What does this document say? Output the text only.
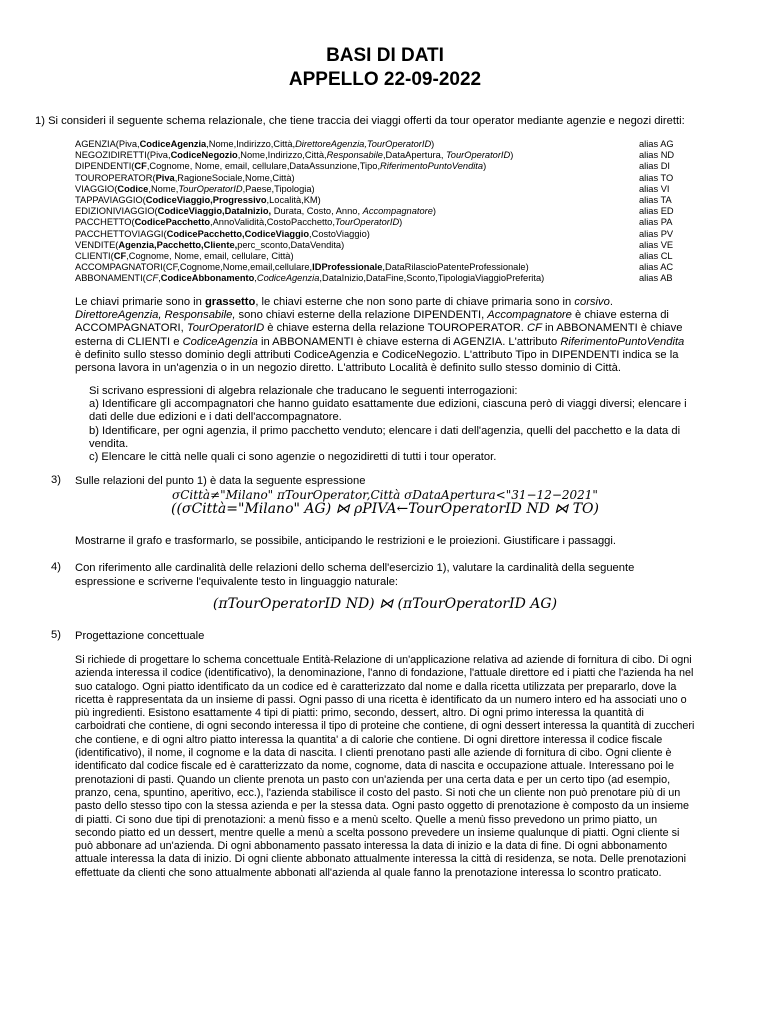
BASI DI DATI
APPELLO 22-09-2022
1) Si consideri il seguente schema relazionale, che tiene traccia dei viaggi offerti da tour operator mediante agenzie e negozi diretti:
AGENZIA(Piva,CodiceAgenzia,Nome,Indirizzo,Città,DirettoreAgenzia,TourOperatorID)	alias AG
NEGOZIDIRETTI(Piva,CodiceNegozio,Nome,Indirizzo,Città,Responsabile,DataApertura, TourOperatorID)	alias ND
DIPENDENTI(CF,Cognome, Nome, email, cellulare,DataAssunzione,Tipo,RiferimentoPuntoVendita)	alias DI
TOUROPERATOR(Piva,RagioneSociale,Nome,Città)	alias TO
VIAGGIO(Codice,Nome,TourOperatorID,Paese,Tipologia)	alias VI
TAPPAVIAGGIO(CodiceViaggio,Progressivo,Località,KM)	alias TA
EDIZIONIVIAGGIO(CodiceViaggio,DataInizio, Durata, Costo, Anno, Accompagnatore)	alias ED
PACCHETTO(CodicePacchetto,AnnoValidità,CostoPacchetto,TourOperatorID)	alias PA
PACCHETTOVIAGGI(CodicePacchetto,CodiceViaggio,CostoViaggio)	alias PV
VENDITE(Agenzia,Pacchetto,Cliente,perc_sconto,DataVendita)	alias VE
CLIENTI(CF,Cognome, Nome, email, cellulare, Città)	alias CL
ACCOMPAGNATORI(CF,Cognome,Nome,email,cellulare,IDProfessionale,DataRilascioPatenteProfessionale)	alias AC
ABBONAMENTI(CF,CodiceAbbonamento,CodiceAgenzia,DataInizio,DataFine,Sconto,TipologiaViaggioPreferita)	alias AB
Le chiavi primarie sono in grassetto, le chiavi esterne che non sono parte di chiave primaria sono in corsivo. DirettoreAgenzia, Responsabile, sono chiavi esterne della relazione DIPENDENTI, Accompagnatore è chiave esterna di ACCOMPAGNATORI, TourOperatorID è chiave esterna della relazione TOUROPERATOR. CF in ABBONAMENTI è chiave esterna di CLIENTI e CodiceAgenzia in ABBONAMENTI è chiave esterna di AGENZIA. L'attributo RiferimentoPuntoVendita è definito sullo stesso dominio degli attributi CodiceAgenzia e CodiceNegozio. L'attributo Tipo in DIPENDENTI indica se la persona lavora in un'agenzia o in un negozio diretto. L'attributo Località è definito sullo stesso dominio di Città.
Si scrivano espressioni di algebra relazionale che traducano le seguenti interrogazioni:
a) Identificare gli accompagnatori che hanno guidato esattamente due edizioni, ciascuna però di viaggi diversi; elencare i dati delle due edizioni e i dati dell'accompagnatore.
b) Identificare, per ogni agenzia, il primo pacchetto venduto; elencare i dati dell'agenzia, quelli del pacchetto e la data di vendita.
c) Elencare le città nelle quali ci sono agenzie o negozidiretti di tutti i tour operator.
3) Sulle relazioni del punto 1) è data la seguente espressione
σCittà≠"Milano" πTourOperator,Città σDataApertura<"31−12−2021"
((σCittà="Milano" AG) ⋈ ρPIVA←TourOperatorID ND ⋈ TO)
Mostrarne il grafo e trasformarlo, se possibile, anticipando le restrizioni e le proiezioni. Giustificare i passaggi.
4) Con riferimento alle cardinalità delle relazioni dello schema dell'esercizio 1), valutare la cardinalità della seguente espressione e scriverne l'equivalente testo in linguaggio naturale:
(πTourOperatorID ND) ⋈ (πTourOperatorID AG)
5) Progettazione concettuale
Si richiede di progettare lo schema concettuale Entità-Relazione di un'applicazione relativa ad aziende di fornitura di cibo. Di ogni azienda interessa il codice (identificativo), la denominazione, l'anno di fondazione, l'attuale direttore ed i piatti che l'azienda ha nel suo catalogo. Ogni piatto identificato da un codice ed è caratterizzato dal nome e dalla ricetta utilizzata per prepararlo, dove la ricetta è rappresentata da un insieme di passi. Ogni passo di una ricetta è identificato da un numero intero ed ha associati uno o più ingredienti. Esistono esattamente 4 tipi di piatti: primo, secondo, dessert, altro. Di ogni primo interessa la quantità di carboidrati che contiene, di ogni secondo interessa il tipo di proteine che contiene, di ogni dessert interessa la quantità di zuccheri che contiene, e di ogni altro piatto interessa la quantita' a di calorie che contiene. Di ogni direttore interessa il codice fiscale (identificativo), il nome, il cognome e la data di nascita. I clienti prenotano pasti alle aziende di fornitura di cibo. Ogni cliente è identificato dal codice fiscale ed è caratterizzato da nome, cognome, data di nascita e occupazione attuale. Interessano poi le prenotazioni di pasti. Quando un cliente prenota un pasto con un'azienda per una certa data e per un certo tipo (ad esempio, pranzo, cena, spuntino, aperitivo, ecc.), l'azienda stabilisce il costo del pasto. Si noti che un cliente non può prenotare più di un pasto dello stesso tipo con la stessa azienda e per la stessa data. Ogni pasto oggetto di prenotazione è composto da un insieme di piatti. Ci sono due tipi di prenotazioni: a menù fisso e a menù scelto. Quelle a menù fisso prevedono un primo piatto, un secondo piatto ed un dessert, mentre quelle a menù a scelta possono prevedere un insieme qualunque di piatti. Ogni cliente si può abbonare ad un'azienda. Di ogni abbonamento passato interessa la data di inizio e la data di fine. Di ogni abbonamento attuale interessa la data di inizio. Di ogni cliente abbonato attualmente interessa la città di residenza, se nota. Delle prenotazioni effettuate da clienti che sono attualmente abbonati all'azienda al quale fanno la prenotazione interessa lo scontro praticato.
